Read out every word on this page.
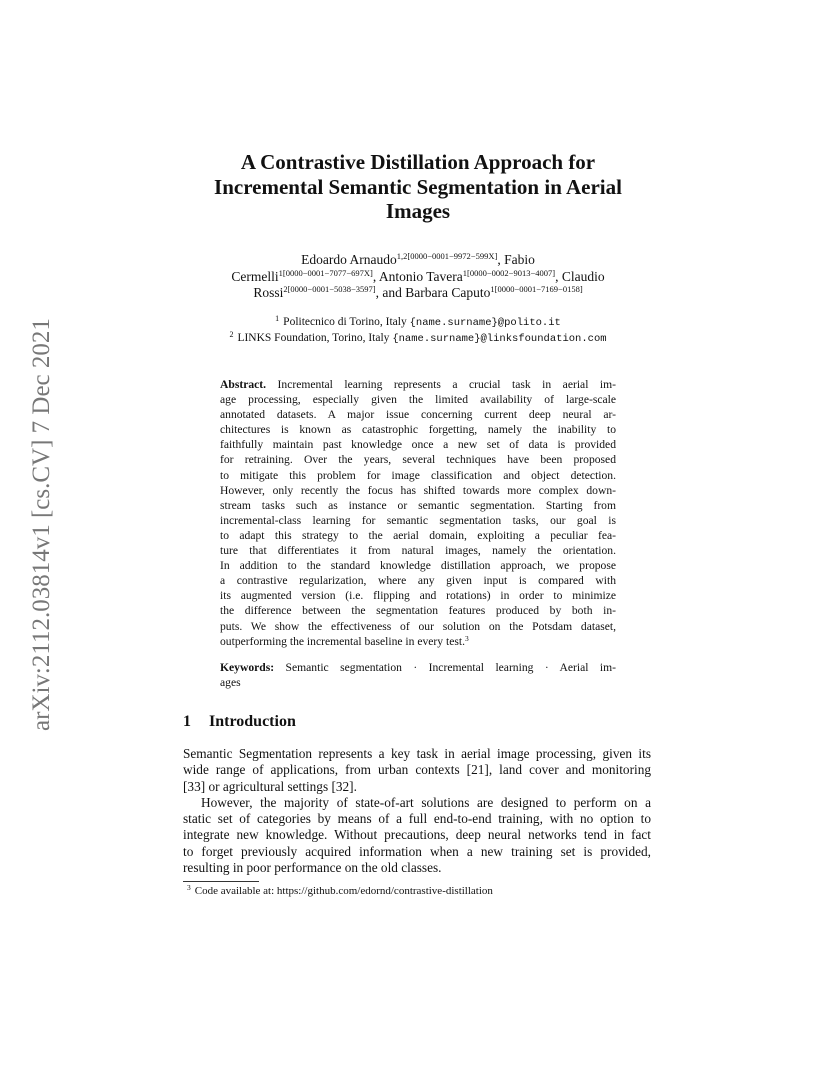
arXiv:2112.03814v1 [cs.CV] 7 Dec 2021
A Contrastive Distillation Approach for
Incremental Semantic Segmentation in Aerial
Images
Edoardo Arnaudo$^{1,2[0000-0001-9972-599X]}$, Fabio
Cermelli$^{1[0000-0001-7077-697X]}$, Antonio Tavera$^{1[0000-0002-9013-4007]}$, Claudio
Rossi$^{2[0000-0001-5038-3597]}$, and Barbara Caputo$^{1[0000-0001-7169-0158]}$
$^1$ Politecnico di Torino, Italy {name.surname}@polito.it
$^2$ LINKS Foundation, Torino, Italy {name.surname}@linksfoundation.com
Abstract. Incremental learning represents a crucial task in aerial im-
age processing, especially given the limited availability of large-scale
annotated datasets. A major issue concerning current deep neural ar-
chitectures is known as catastrophic forgetting, namely the inability to
faithfully maintain past knowledge once a new set of data is provided
for retraining. Over the years, several techniques have been proposed
to mitigate this problem for image classification and object detection.
However, only recently the focus has shifted towards more complex down-
stream tasks such as instance or semantic segmentation. Starting from
incremental-class learning for semantic segmentation tasks, our goal is
to adapt this strategy to the aerial domain, exploiting a peculiar fea-
ture that differentiates it from natural images, namely the orientation.
In addition to the standard knowledge distillation approach, we propose
a contrastive regularization, where any given input is compared with
its augmented version (i.e. flipping and rotations) in order to minimize
the difference between the segmentation features produced by both in-
puts. We show the effectiveness of our solution on the Potsdam dataset,
outperforming the incremental baseline in every test.$^3$
Keywords: Semantic segmentation · Incremental learning · Aerial im-
ages
1 Introduction
Semantic Segmentation represents a key task in aerial image processing, given its
wide range of applications, from urban contexts [21], land cover and monitoring
[33] or agricultural settings [32].
However, the majority of state-of-art solutions are designed to perform on a
static set of categories by means of a full end-to-end training, with no option to
integrate new knowledge. Without precautions, deep neural networks tend in fact
to forget previously acquired information when a new training set is provided,
resulting in poor performance on the old classes.
$^3$ Code available at: https://github.com/edornd/contrastive-distillation
